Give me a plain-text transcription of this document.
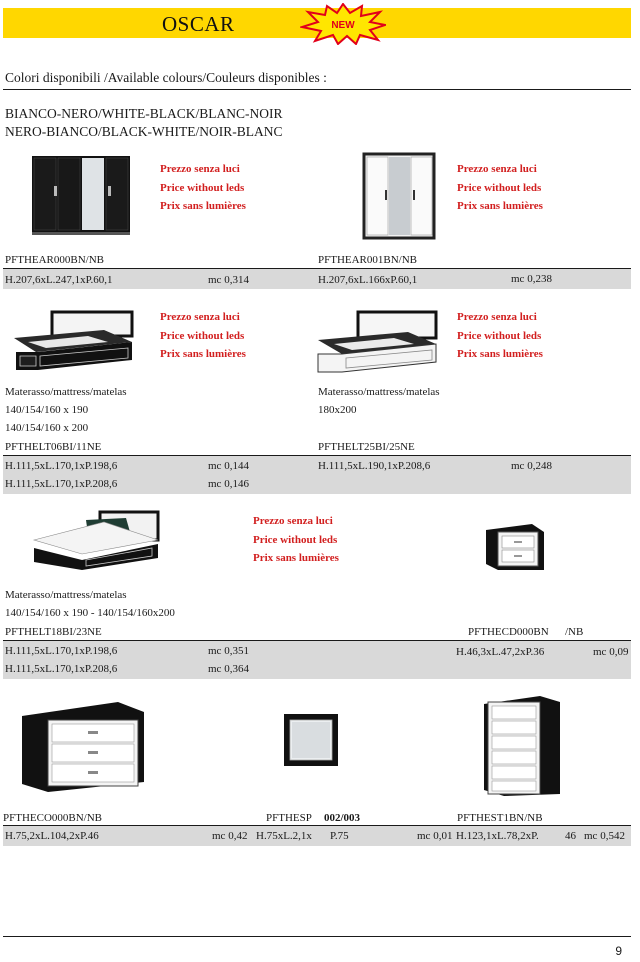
OSCAR	NEW
Colori disponibili /Available colours/Couleurs disponibles :
BIANCO-NERO/WHITE-BLACK/BLANC-NOIR
NERO-BIANCO/BLACK-WHITE/NOIR-BLANC
Prezzo senza luci
Price without leds
Prix sans lumières
Prezzo senza luci
Price without leds
Prix sans lumières
PFTHEAR000BN/NB	PFTHEAR001BN/NB
H.207,6xL.247,1xP.60,1	mc 0,314	H.207,6xL.166xP.60,1	mc 0,238
Prezzo senza luci
Price without leds
Prix sans lumières
Prezzo senza luci
Price without leds
Prix sans lumières
Materasso/mattress/matelas
140/154/160 x 190
140/154/160 x 200
PFTHELT06BI/11NE
Materasso/mattress/matelas
180x200
PFTHELT25BI/25NE
H.111,5xL.170,1xP.198,6	mc 0,144
H.111,5xL.170,1xP.208,6	mc 0,146
H.111,5xL.190,1xP.208,6	mc 0,248
Prezzo senza luci
Price without leds
Prix sans lumières
Materasso/mattress/matelas
140/154/160 x 190 - 140/154/160x200
PFTHELT18BI/23NE	PFTHECD000BN /NB
H.111,5xL.170,1xP.198,6	mc 0,351
H.111,5xL.170,1xP.208,6	mc 0,364
H.46,3xL.47,2xP.36	mc 0,09
PFTHECO000BN/NB	PFTHESP 002/003	PFTHEST1BN/NB
H.75,2xL.104,2xP.46	mc 0,42 H.75xL.2,1x P.75	mc 0,01 H.123,1xL.78,2xP. 46 mc 0,542
9
